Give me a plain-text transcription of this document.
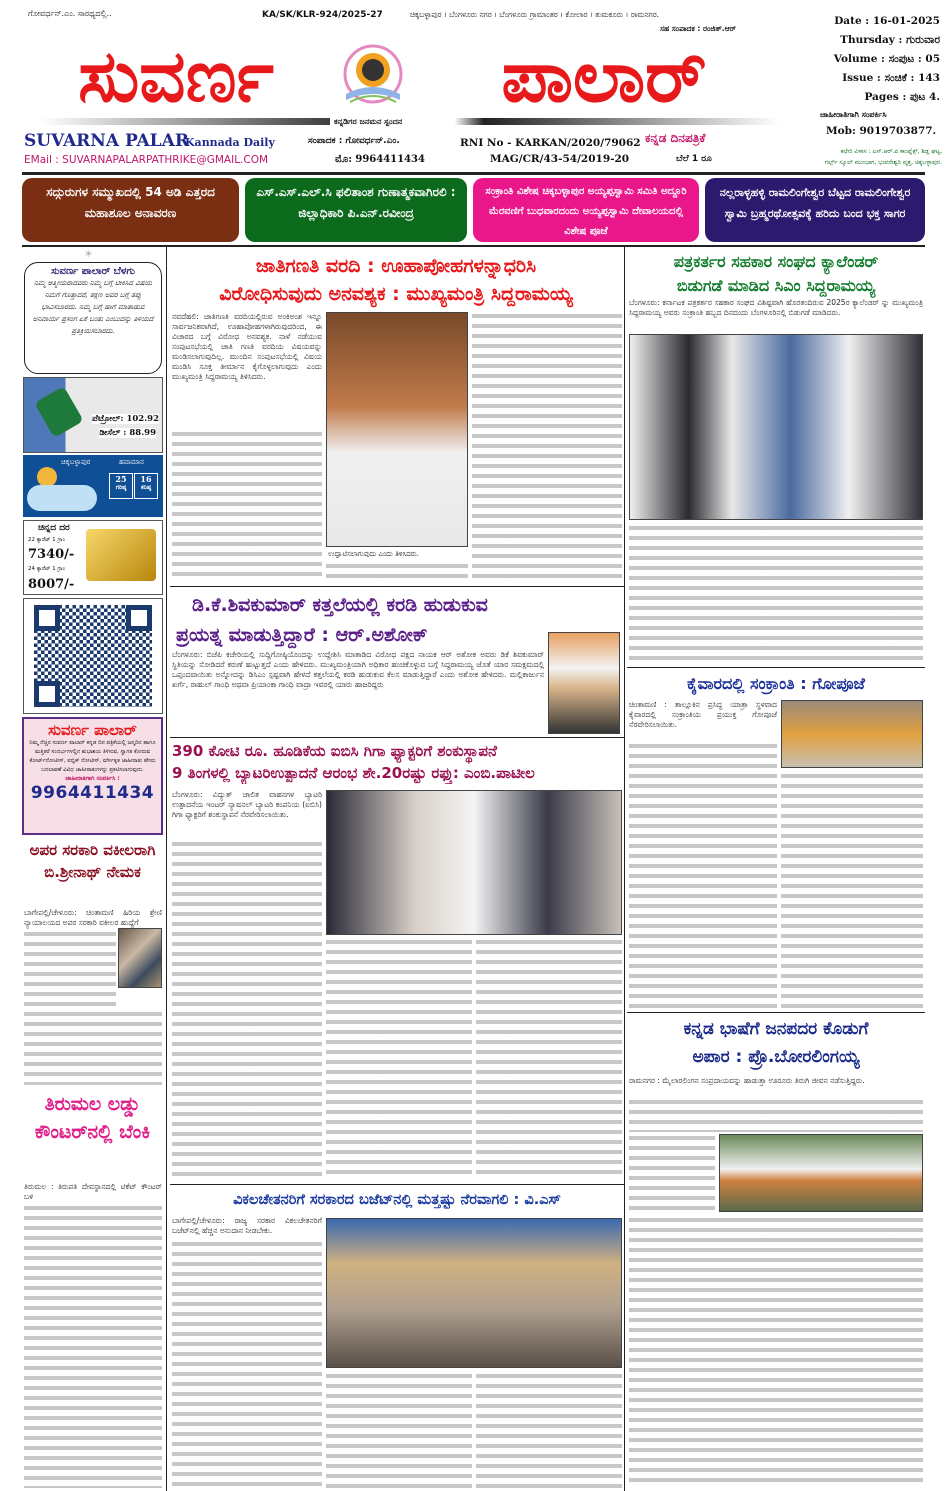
ಗೋವರ್ಧನ್.ಎಂ. ಸಾರಥ್ಯದಲ್ಲಿ..	KA/SK/KLR-924/2025-27	ಚಿಕ್ಕಬಳ್ಳಾಪುರ । ಬೆಂಗಳೂರು ನಗರ । ಬೆಂಗಳೂರು ಗ್ರಾಮಾಂತರ । ಕೋಲಾರ । ತುಮಕೂರು । ರಾಮನಗರ.
ಸಹ ಸಂಪಾದಕ : ರಂಜಿತ್.ಆರ್
ಸುವರ್ಣ	ಪಾಲಾರ್
ಕನ್ನಡಿಗರ ಜನಮನ ಸ್ಪಂದನ
SUVARNA PALAR
Kannada Daily
EMail : SUVARNAPALARPATHRIKE@GMAIL.COM
ಸಂಪಾದಕ : ಗೋವರ್ಧನ್.ಎಂ.
ಮೊ: 9964411434
RNI No - KARKAN/2020/79062
MAG/CR/43-54/2019-20
ಕನ್ನಡ ದಿನಪತ್ರಿಕೆ
ಬೆಲೆ 1 ರೂ
Date : 16-01-2025
Thursday : ಗುರುವಾರ
Volume : ಸಂಪುಟ : 05
Issue : ಸಂಚಿಕೆ : 143
Pages : ಪುಟ 4.
ಜಾಹೀರಾತಿಗಾಗಿ ಸಂಪರ್ಕಿಸಿ
Mob: 9019703877.
ಕಛೇರಿ ವಿಳಾಸ : ಎಸ್.ಆರ್.ಪಿ ಕಾಂಪ್ಲೆಕ್ಸ್, ಶಿಡ್ಲ ಘಟ್ಟ,
ಗರ್ಲ್ಸ್ ಸ್ಕೂಲ್ ಮುಂಭಾಗ, ಭುವನೇಶ್ವರಿ ವೃತ್ತ, ಚಿಕ್ಕಬಳ್ಳಾಪುರ.
ಸದ್ಗುರುಗಳ ಸಮ್ಮುಖದಲ್ಲಿ 54 ಅಡಿ ಎತ್ತರದ ಮಹಾಶೂಲ ಅನಾವರಣ
ಎಸ್.ಎಸ್.ಎಲ್.ಸಿ ಫಲಿತಾಂಶ ಗುಣಾತ್ಮಕವಾಗಿರಲಿ : ಜಿಲ್ಲಾಧಿಕಾರಿ ಪಿ.ಎನ್.ರವೀಂದ್ರ
ಸಂಕ್ರಾಂತಿ ವಿಶೇಷ ಚಿಕ್ಕಬಳ್ಳಾಪುರ ಅಯ್ಯಪ್ಪಸ್ವಾಮಿ ಸಮಿತಿ ಅದ್ದೂರಿ ಮೆರವಣಿಗೆ ಬುಧವಾರದಂದು ಅಯ್ಯಪ್ಪಸ್ವಾಮಿ ದೇವಾಲಯದಲ್ಲಿ ವಿಶೇಷ ಪೂಜೆ
ನಲ್ಲರಾಳ್ಳಹಳ್ಳಿ ರಾಮಲಿಂಗೇಶ್ವರ ಬೆಟ್ಟದ ರಾಮಲಿಂಗೇಶ್ವರ ಸ್ವಾಮಿ ಬ್ರಹ್ಮರಥೋತ್ಸವಕ್ಕೆ ಹರಿದು ಬಂದ ಭಕ್ತ ಸಾಗರ
☀
ಸುವರ್ಣ ಪಾಲಾರ್ ಬೆಳಗು
ನಿಮ್ಮ ಆತ್ಮೀಯರಾದವರು ನಿಮ್ಮ ಬಗ್ಗೆ ಟೀಕಿಸಿದ ವಿಷಯ ನಿಮಗೆ ಗೊತ್ತಾದರೆ, ತಕ್ಷಣ ಅವರ ಬಗ್ಗೆ ತಪ್ಪು ಭಾವಿಸಬಾರದು. ನಿಮ್ಮ ಬಗ್ಗೆ ಹಾಗೆ ಮಾತಾಡುವ ಅನಿವಾರ್ಯ ಪ್ರಸಂಗ ಏಕೆ ಬಂತು ಎಂಬುದನ್ನು ತಿಳಿಯದೆ ಪ್ರತಿಕ್ರಿಯಿಸಬಾರದು.
ಪೆಟ್ರೋಲ್: 102.92
ಡೀಸೆಲ್ : 88.99
ಚಿಕ್ಕಬಳ್ಳಾಪುರ	ಹವಾಮಾನ
25
ಗರಿಷ್ಠ
16
ಕನಿಷ್ಠ
ಚಿನ್ನದ ದರ
22 ಕ್ಯಾರೆಟ್ 1 ಗ್ರಾಂ
7340/-
24 ಕ್ಯಾರೆಟ್ 1 ಗ್ರಾಂ
8007/-
ಸುವರ್ಣ ಪಾಲಾರ್
ನಿಮ್ಮ ನೆಚ್ಚಿನ ಸುವರ್ಣ ಪಾಲಾರ್ ಕನ್ನಡ ದಿನ ಪತ್ರಿಕೆಯಲ್ಲಿ ಜನ್ಮದಿನ ಹಾಗೂ ಮತ್ತಿತರೆ ಸಂದರ್ಭಗಳಲ್ಲಿನ ಶುಭಾಶಯ ತಿಳಿಸುವ, ಸ್ವಾಗತ ಕೋರುವ ಕೋರ್ಟ್‌ನೋಟೀಸ್, ಪಬ್ಲಿಕ್ ನೋಟೀಸ್, ವರ್ಗೀಕೃತ ಜಾಹೀರಾತು ಹೆಸರು ಬದಲಾವಣೆ ವಿವಿಧ ಜಾಹೀರಾತುಗಳನ್ನು ಪ್ರಕಟಿಸಲಾಗುವುದು.
ಜಾಹೀರಾತಿಗಾಗಿ ಸಂಪರ್ಕಿಸಿ :
9964411434
ಅಪರ ಸರಕಾರಿ ವಕೀಲರಾಗಿ ಬಿ.ಶ್ರೀನಾಥ್ ನೇಮಕ
ಬಾಗೇಪಲ್ಲಿ/ಚೇಳೂರು: ಚಿಂತಾಮಣಿ ಹಿರಿಯ ಶ್ರೇಣಿ ನ್ಯಾಯಾಲಯದ ಅಪರ ಸರಕಾರಿ ವಕೀಲರ ಹುದ್ದೆಗೆ
ತಿರುಮಲ ಲಡ್ಡು ಕೌಂಟರ್‌ನಲ್ಲಿ ಬೆಂಕಿ
ತಿರುಮಲ : ತಿರುಪತಿ ದೇವಸ್ಥಾನದಲ್ಲಿ ಟಿಕೆಟ್ ಕೌಂಟರ್ ಬಳಿ
ಜಾತಿಗಣತಿ ವರದಿ : ಊಹಾಪೋಹಗಳನ್ನಾಧರಿಸಿ
ವಿರೋಧಿಸುವುದು ಅನವಶ್ಯಕ : ಮುಖ್ಯಮಂತ್ರಿ ಸಿದ್ದರಾಮಯ್ಯ
ನವದೆಹಲಿ: ಜಾತಿಗಣತಿ ವರದಿಯಲ್ಲಿರುವ ಅಂಕಿಅಂಶ ಇನ್ನೂ ಸಾರ್ವಜನಿಕವಾಗಿದೆ, ಊಹಾಪೋಹಗಳಾಗಿರುವುದರಿಂದ, ಈ ವಿಚಾರದ ಬಗ್ಗೆ ವಿರೋಧ ಅನವಶ್ಯಕ. ನಾಳೆ ನಡೆಯುವ ಸಂಪುಟಸಭೆಯಲ್ಲಿ ಜಾತಿ ಗಣತಿ ವರದಿಯ ವಿಷಯವನ್ನು ಮಂಡಿಸಲಾಗುವುದಿಲ್ಲ. ಮುಂದಿನ ಸಂಪುಟಸಭೆಯಲ್ಲಿ ವಿಷಯ ಮಂಡಿಸಿ ಸೂಕ್ತ ತೀರ್ಮಾನ ಕೈಗೊಳ್ಳಲಾಗುವುದು ಎಂದು ಮುಖ್ಯಮಂತ್ರಿ ಸಿದ್ದರಾಮಯ್ಯ ತಿಳಿಸಿದರು.
ಉದ್ಘಾಟಿಸಲಾಗುವುದು ಎಂದು ತಿಳಿಸಿದರು.
ಡಿ.ಕೆ.ಶಿವಕುಮಾರ್ ಕತ್ತಲೆಯಲ್ಲಿ ಕರಡಿ ಹುಡುಕುವ
ಪ್ರಯತ್ನ ಮಾಡುತ್ತಿದ್ದಾರೆ : ಆರ್.ಅಶೋಕ್
ಬೆಂಗಳೂರು: ಬಿಜೆಪಿ ಕಚೇರಿಯಲ್ಲಿ ಸುದ್ದಿಗೋಷ್ಠಿಯೊಂದನ್ನು ಉದ್ದೇಶಿಸಿ ಮಾತಾಡಿದ ವಿರೋಧ ಪಕ್ಷದ ನಾಯಕ ಆರ್ ಅಶೋಕ ಅವರು ಡಿಕೆ ಶಿವಕುಮಾರ್ ಸ್ಥಿತಿಯನ್ನು ನೋಡಿದರೆ ಕರುಣೆ ಹುಟ್ಟುತ್ತದೆ ಎಂದು ಹೇಳಿದರು. ಮುಖ್ಯಮಂತ್ರಿಯಾಗಿ ಅಧಿಕಾರ ಹಂಚಿಕೊಳ್ಳುವ ಬಗ್ಗೆ ಸಿದ್ದರಾಮಯ್ಯ ಜೊತೆ ಯಾರ ಸಮಕ್ಷಮದಲ್ಲಿ ಒಪ್ಪಂದವಾಯಿತು ಅನ್ನೋದನ್ನು ಡಿಸಿಎಂ ಸ್ಪಷ್ಟವಾಗಿ ಹೇಳದೆ ಕತ್ತಲೆಯಲ್ಲಿ ಕರಡಿ ಹುಡುಕುವ ಕೆಲಸ ಮಾಡುತ್ತಿದ್ದಾರೆ ಎಂದು ಅಶೋಕ ಹೇಳಿದರು. ಮಲ್ಲಿಕಾರ್ಜುನ ಖರ್ಗೆ, ರಾಹುಲ್ ಗಾಂಧಿ ಅಥವಾ ಪ್ರಿಯಾಂಕಾ ಗಾಂಧಿ ವಾದ್ರಾ ಇವರಲ್ಲಿ ಯಾರು ಹಾಜರಿದ್ದರು
390 ಕೋಟಿ ರೂ. ಹೂಡಿಕೆಯ ಐಬಿಸಿ ಗಿಗಾ ಫ್ಯಾಕ್ಟರಿಗೆ ಶಂಕುಸ್ಥಾಪನೆ
9 ತಿಂಗಳಲ್ಲಿ ಬ್ಯಾಟರಿಉತ್ಪಾದನೆ ಆರಂಭ ಶೇ.20ರಷ್ಟು ರಫ್ತು: ಎಂಬಿ.ಪಾಟೀಲ
ಬೆಂಗಳೂರು: ವಿದ್ಯುತ್ ಚಾಲಿತ ವಾಹನಗಳ ಬ್ಯಾಟರಿ ಉತ್ಪಾದನೆಯ ಇಂಟರ್ ನ್ಯಾಷನಲ್ ಬ್ಯಾಟರಿ ಕಂಪನಿಯ (ಐಬಿಸಿ) ಗಿಗಾ ಫ್ಯಾಕ್ಟರಿಗೆ ಶಂಕುಸ್ಥಾಪನೆ ನೆರವೇರಿಸಲಾಯಿತು.
ವಿಕಲಚೇತನರಿಗೆ ಸರಕಾರದ ಬಜೆಟ್‌ನಲ್ಲಿ ಮತ್ತಷ್ಟು ನೆರವಾಗಲಿ : ವಿ.ಎಸ್
ಬಾಗೇಪಲ್ಲಿ/ಚೇಳೂರು: ರಾಜ್ಯ ಸರಕಾರ ವಿಕಲಚೇತನರಿಗೆ ಬಜೆಟ್‌ನಲ್ಲಿ ಹೆಚ್ಚಿನ ಅನುದಾನ ನೀಡಬೇಕು.
ಪತ್ರಕರ್ತರ ಸಹಕಾರ ಸಂಘದ ಕ್ಯಾಲೆಂಡರ್
ಬಿಡುಗಡೆ ಮಾಡಿದ ಸಿಎಂ ಸಿದ್ದರಾಮಯ್ಯ
ಬೆಂಗಳೂರು: ಕರ್ನಾಟಕ ಪತ್ರಕರ್ತರ ಸಹಕಾರ ಸಂಘದ ವಿಶಿಷ್ಟವಾಗಿ ಹೊರತಂದಿರುವ 2025ರ ಕ್ಯಾಲೆಂಡರ್ ನ್ನು ಮುಖ್ಯಮಂತ್ರಿ ಸಿದ್ದರಾಮಯ್ಯ ಅವರು ಸಂಕ್ರಾಂತಿ ಹಬ್ಬದ ದಿನದಂದು ಬೆಂಗಳೂರಿನಲ್ಲಿ ಬಿಡುಗಡೆ ಮಾಡಿದರು.
ಕೈವಾರದಲ್ಲಿ ಸಂಕ್ರಾಂತಿ : ಗೋಪೂಜೆ
ಚಿಂತಾಮಣಿ : ತಾಲ್ಲೂಕಿನ ಪ್ರಸಿದ್ಧ ಯಾತ್ರಾ ಸ್ಥಳವಾದ ಕೈವಾರದಲ್ಲಿ ಸಂಕ್ರಾಂತಿಯ ಪ್ರಯುಕ್ತ ಗೋಪೂಜೆ ನೆರವೇರಿಸಲಾಯಿತು.
ಕನ್ನಡ ಭಾಷೆಗೆ ಜನಪದರ ಕೊಡುಗೆ
ಅಪಾರ : ಪ್ರೊ.ಬೋರಲಿಂಗಯ್ಯ
ರಾಮನಗರ : ಮೈಲಾರಲಿಂಗನ ಸಂಪ್ರದಾಯವನ್ನು ಹಾಡುತ್ತಾ ಊರೂರು ತಿರುಗಿ ಜೀವನ ನಡೆಸುತ್ತಿದ್ದರು.
